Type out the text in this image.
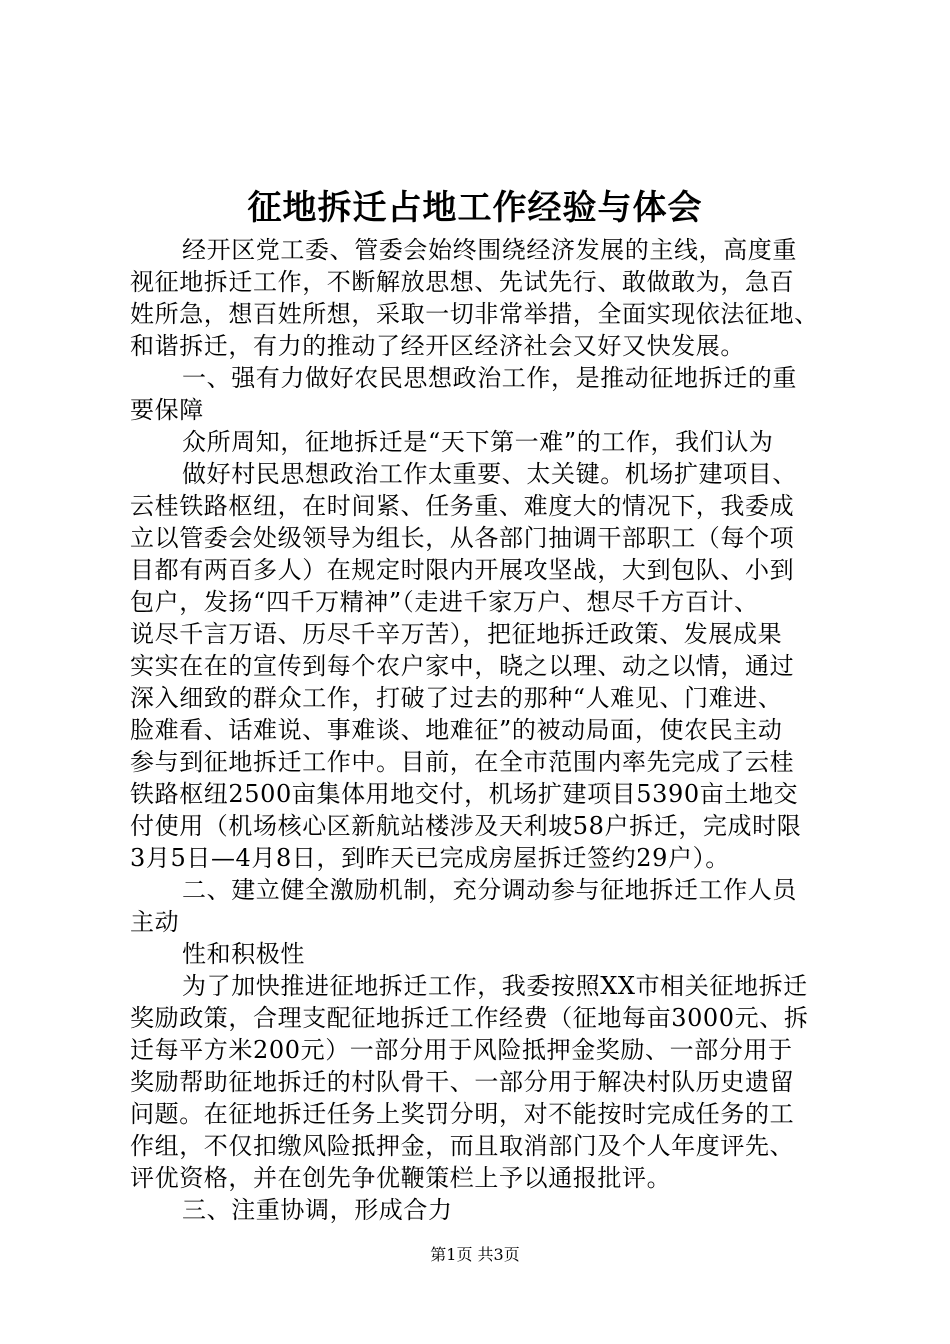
征地拆迁占地工作经验与体会
经开区党工委、管委会始终围绕经济发展的主线，高度重
视征地拆迁工作，不断解放思想、先试先行、敢做敢为，急百
姓所急，想百姓所想，采取一切非常举措，全面实现依法征地、
和谐拆迁，有力的推动了经开区经济社会又好又快发展。
一、强有力做好农民思想政治工作，是推动征地拆迁的重
要保障
众所周知，征地拆迁是“天下第一难”的工作，我们认为
做好村民思想政治工作太重要、太关键。机场扩建项目、
云桂铁路枢纽，在时间紧、任务重、难度大的情况下，我委成
立以管委会处级领导为组长，从各部门抽调干部职工（每个项
目都有两百多人）在规定时限内开展攻坚战，大到包队、小到
包户，发扬“四千万精神”（走进千家万户、想尽千方百计、
说尽千言万语、历尽千辛万苦），把征地拆迁政策、发展成果
实实在在的宣传到每个农户家中，晓之以理、动之以情，通过
深入细致的群众工作，打破了过去的那种“人难见、门难进、
脸难看、话难说、事难谈、地难征”的被动局面，使农民主动
参与到征地拆迁工作中。目前，在全市范围内率先完成了云桂
铁路枢纽2500亩集体用地交付，机场扩建项目5390亩土地交
付使用（机场核心区新航站楼涉及天利坡58户拆迁，完成时限
3月5日—4月8日，到昨天已完成房屋拆迁签约29户）。
二、建立健全激励机制，充分调动参与征地拆迁工作人员
主动
性和积极性
为了加快推进征地拆迁工作，我委按照XX市相关征地拆迁
奖励政策，合理支配征地拆迁工作经费（征地每亩3000元、拆
迁每平方米200元）一部分用于风险抵押金奖励、一部分用于
奖励帮助征地拆迁的村队骨干、一部分用于解决村队历史遗留
问题。在征地拆迁任务上奖罚分明，对不能按时完成任务的工
作组，不仅扣缴风险抵押金，而且取消部门及个人年度评先、
评优资格，并在创先争优鞭策栏上予以通报批评。
三、注重协调，形成合力
第1页 共3页
